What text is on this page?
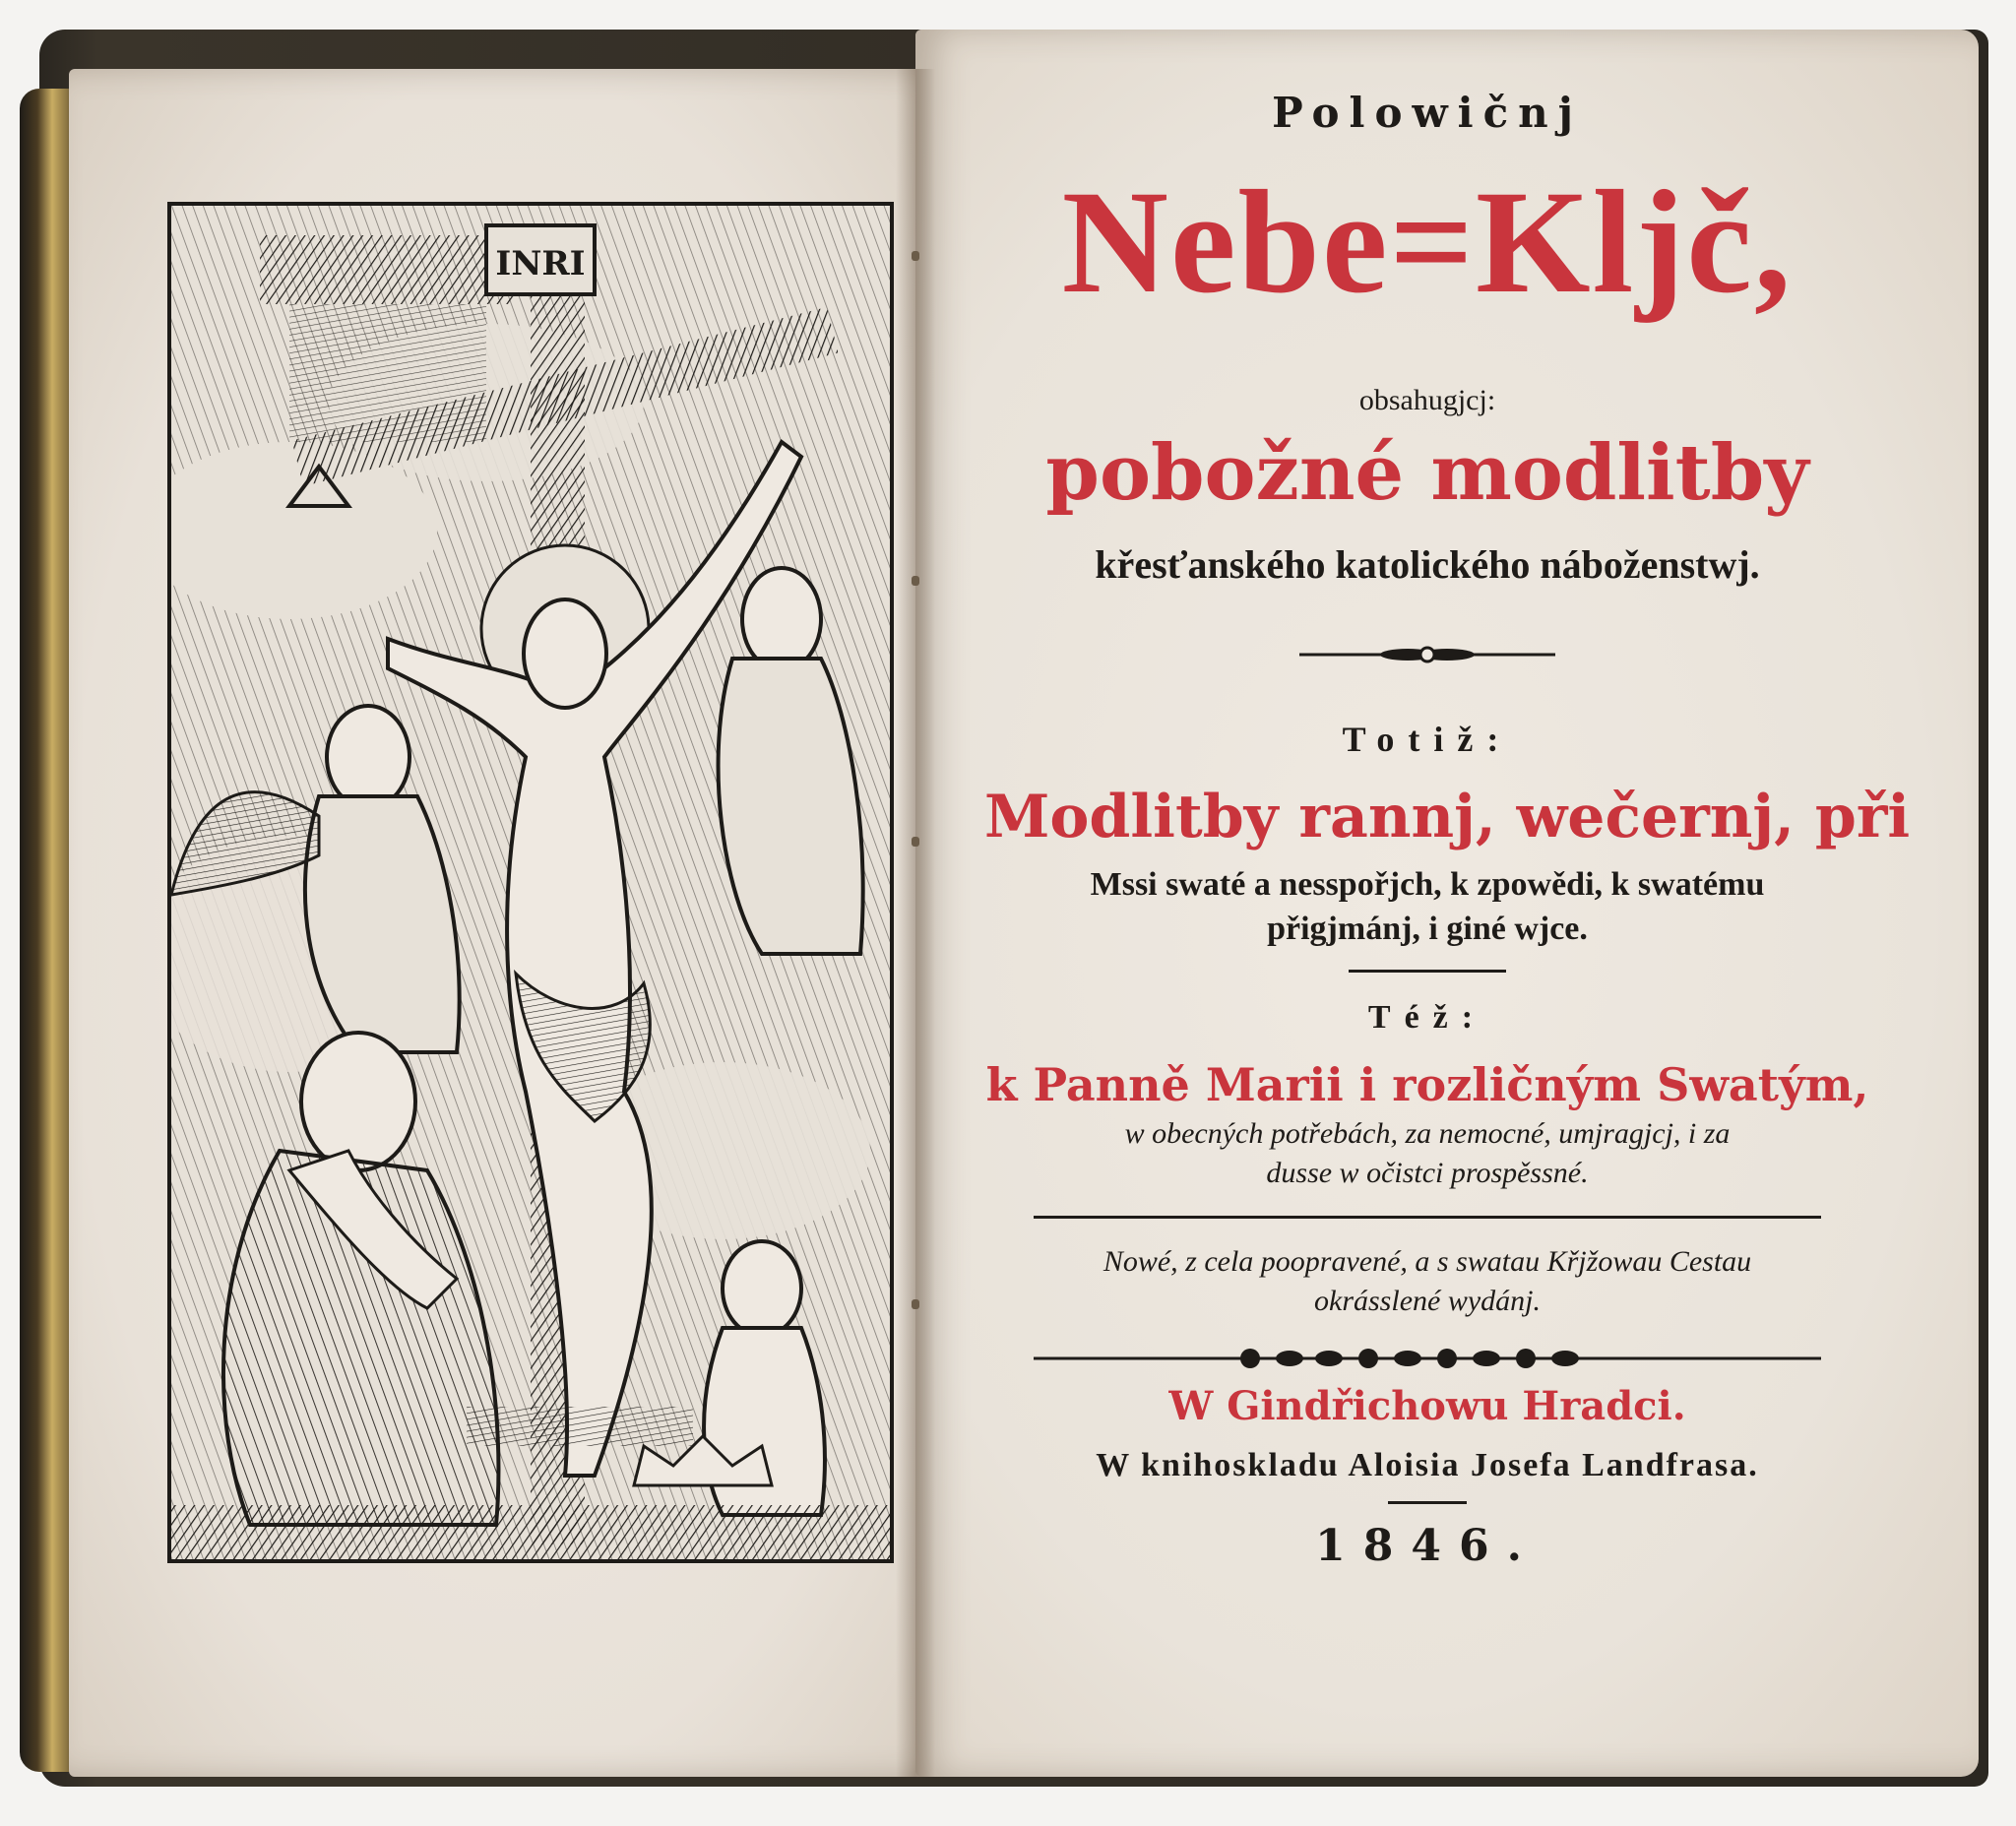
INRI
Polowičnj
Nebe=Kljč,
obsahugjcj:
pobožné modlitby
křesťanského katolického náboženstwj.
Totiž:
Modlitby rannj, wečernj, při
Mssi swaté a nesspořjch, k zpowědi, k swatému
přigjmánj, i giné wjce.
Též:
k Panně Marii i rozličným Swatým,
w obecných potřebách, za nemocné, umjragjcj, i za
dusse w očistci prospěssné.
Nowé, z cela poopravené, a s swatau Křjžowau Cestau
okrásslené wydánj.
W Gindřichowu Hradci.
W knihoskladu Aloisia Josefa Landfrasa.
1846.
